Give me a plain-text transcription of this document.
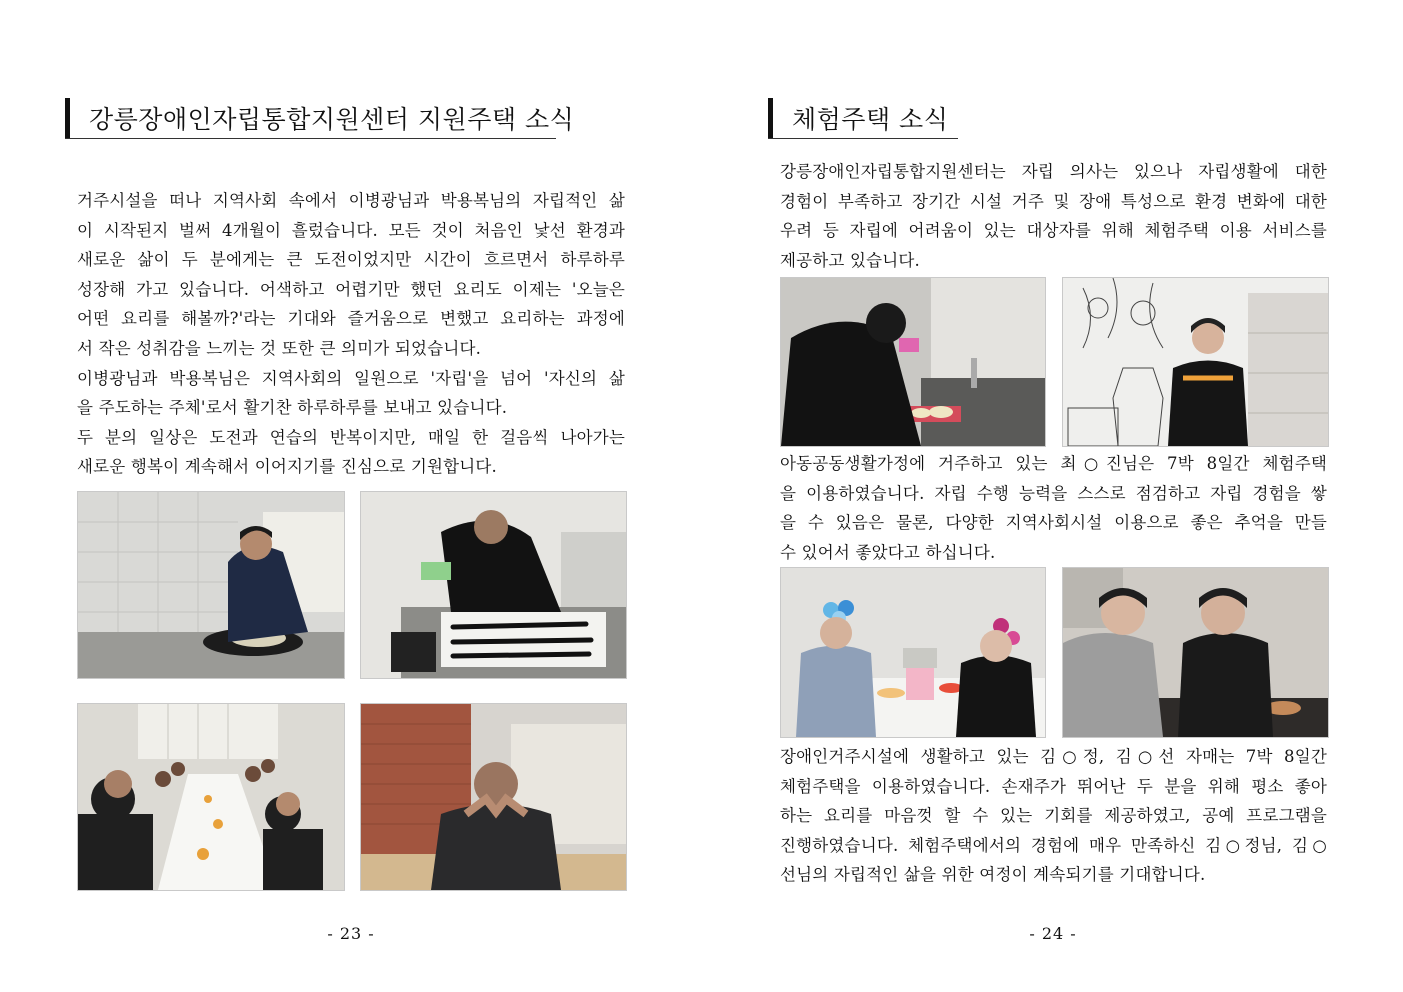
강릉장애인자립통합지원센터 지원주택 소식

거주시설을 떠나 지역사회 속에서 이병광님과 박용복님의 자립적인 삶
이 시작된지 벌써 4개월이 흘렀습니다. 모든 것이 처음인 낯선 환경과
새로운 삶이 두 분에게는 큰 도전이었지만 시간이 흐르면서 하루하루
성장해 가고 있습니다. 어색하고 어렵기만 했던 요리도 이제는 '오늘은
어떤 요리를 해볼까?'라는 기대와 즐거움으로 변했고 요리하는 과정에
서 작은 성취감을 느끼는 것 또한 큰 의미가 되었습니다.
이병광님과 박용복님은 지역사회의 일원으로 '자립'을 넘어 '자신의 삶
을 주도하는 주체'로서 활기찬 하루하루를 보내고 있습니다.
두 분의 일상은 도전과 연습의 반복이지만, 매일 한 걸음씩 나아가는
새로운 행복이 계속해서 이어지기를 진심으로 기원합니다.

- 23 -
체험주택 소식

강릉장애인자립통합지원센터는 자립 의사는 있으나 자립생활에 대한
경험이 부족하고 장기간 시설 거주 및 장애 특성으로 환경 변화에 대한
우려 등 자립에 어려움이 있는 대상자를 위해 체험주택 이용 서비스를
제공하고 있습니다.

아동공동생활가정에 거주하고 있는 최○진님은 7박 8일간 체험주택
을 이용하였습니다. 자립 수행 능력을 스스로 점검하고 자립 경험을 쌓
을 수 있음은 물론, 다양한 지역사회시설 이용으로 좋은 추억을 만들
수 있어서 좋았다고 하십니다.

장애인거주시설에 생활하고 있는 김○정, 김○선 자매는 7박 8일간
체험주택을 이용하였습니다. 손재주가 뛰어난 두 분을 위해 평소 좋아
하는 요리를 마음껏 할 수 있는 기회를 제공하였고, 공예 프로그램을
진행하였습니다. 체험주택에서의 경험에 매우 만족하신 김○정님, 김○
선님의 자립적인 삶을 위한 여정이 계속되기를 기대합니다.

- 24 -
